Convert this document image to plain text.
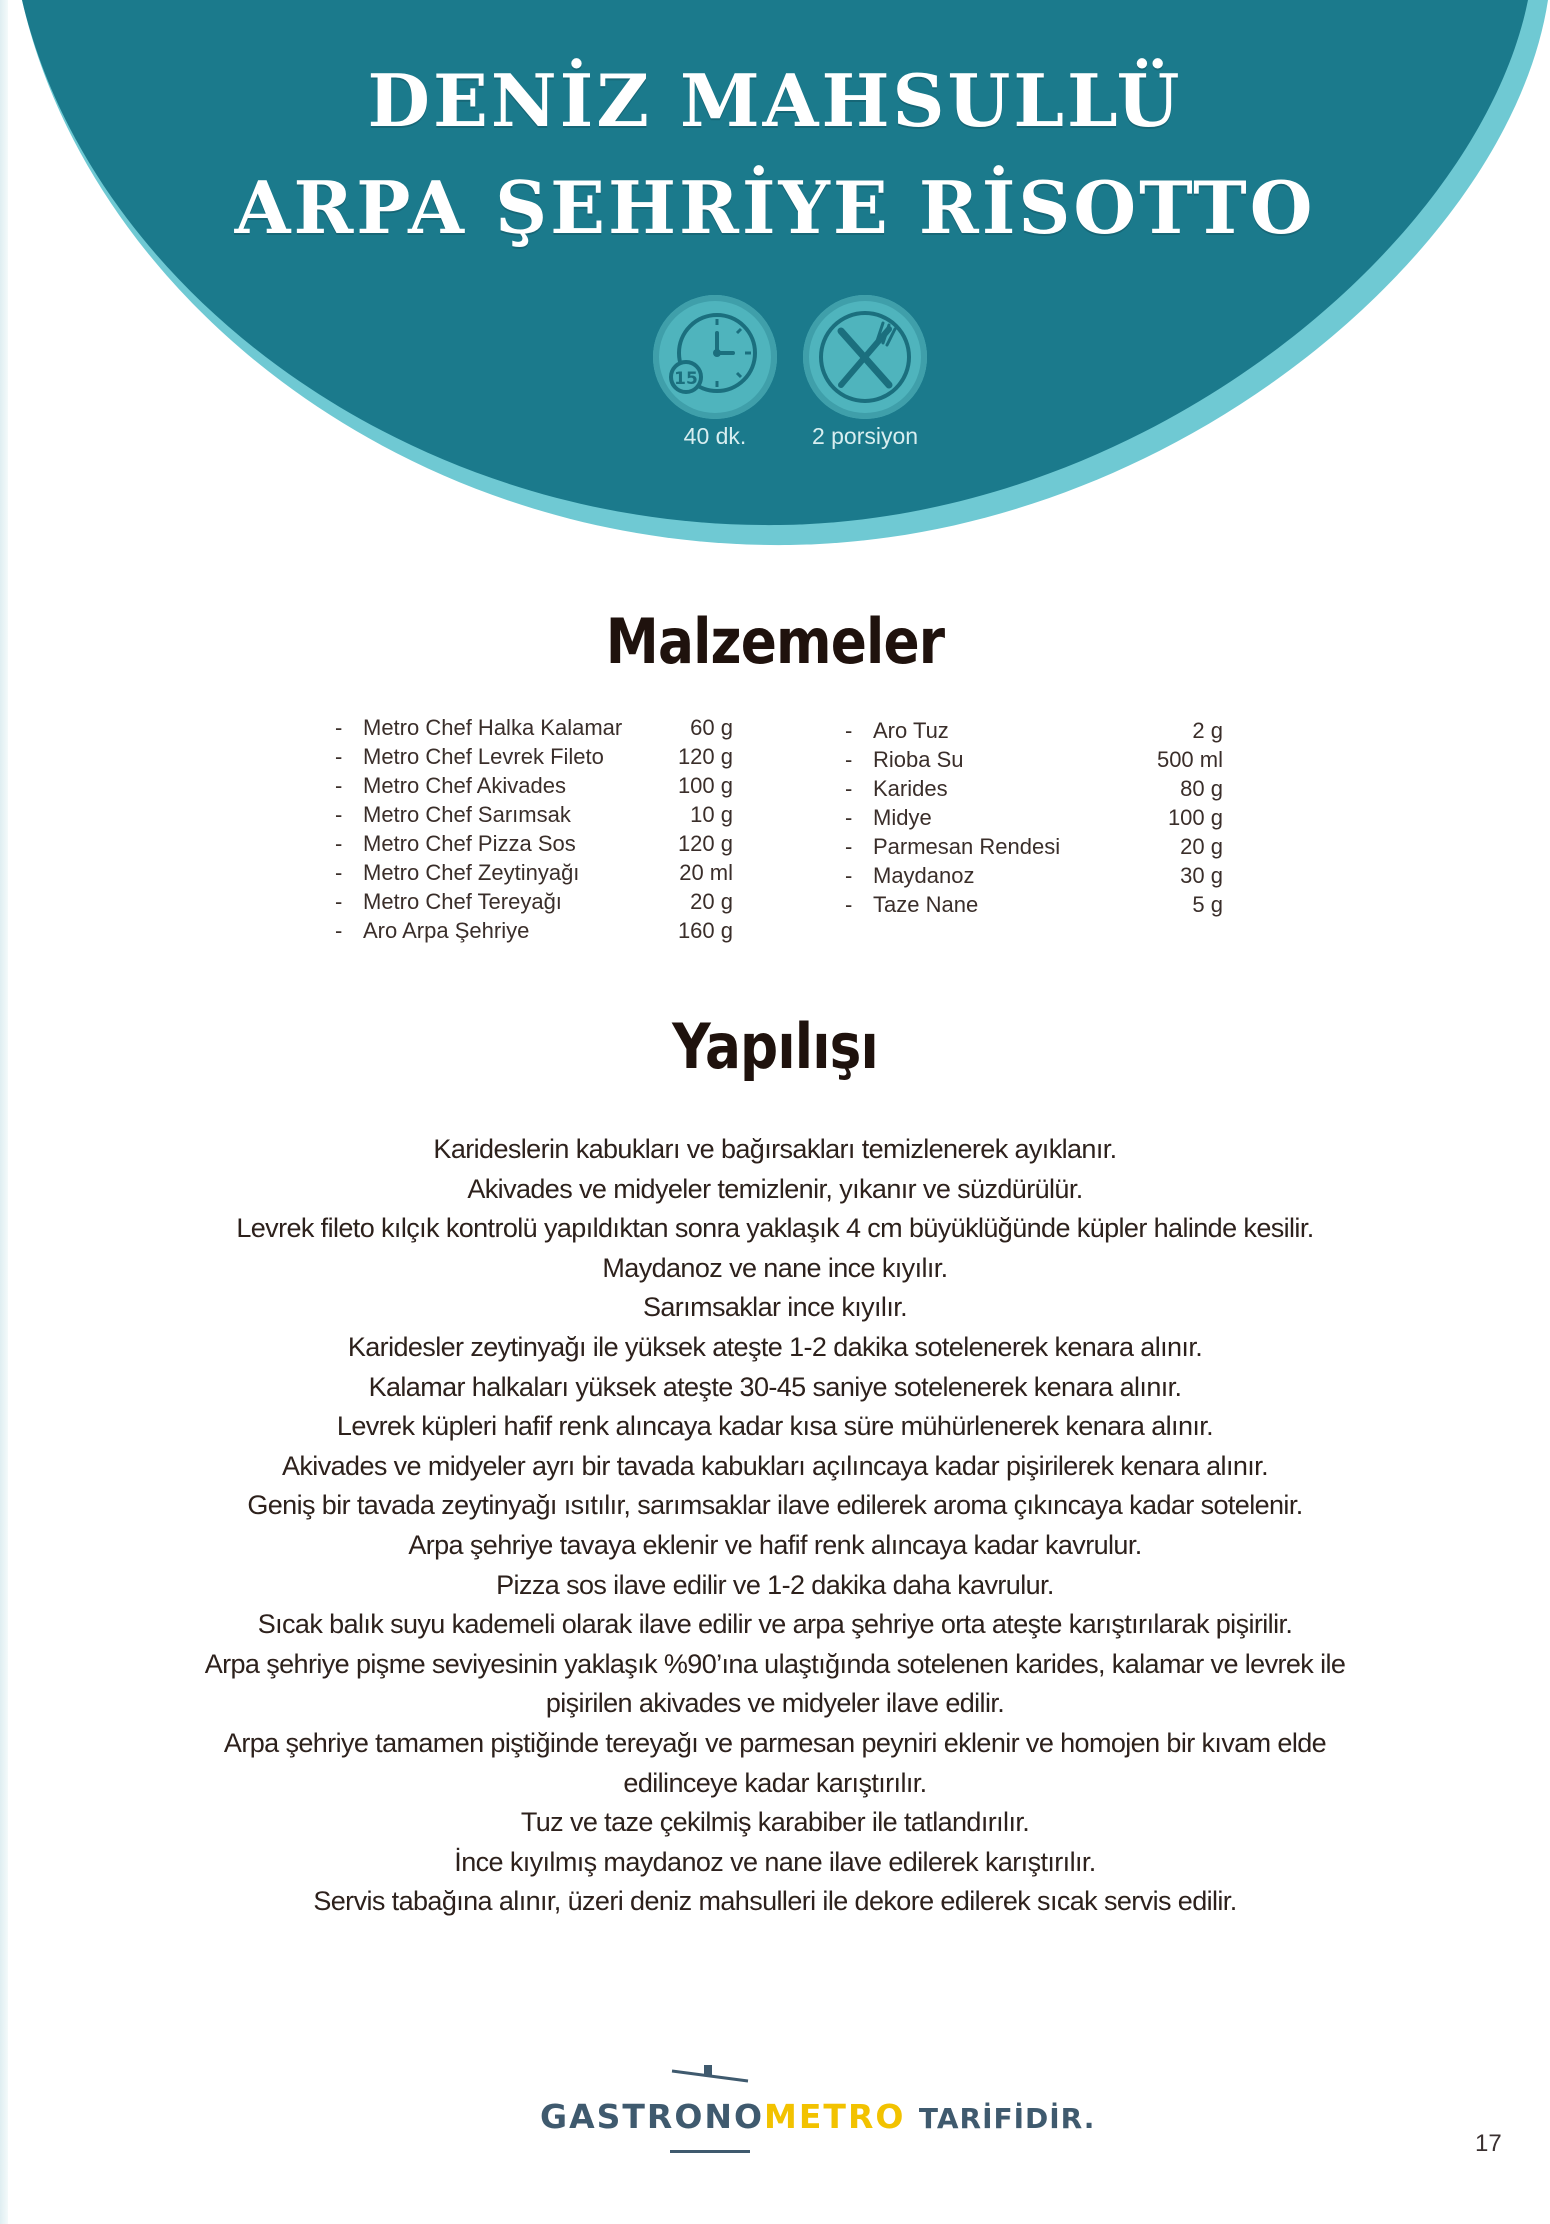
DENİZ MAHSULLÜ
ARPA ŞEHRİYE RİSOTTO
15
40 dk.	2 porsiyon
Malzemeler
- Metro Chef Halka Kalamar	60 g
- Metro Chef Levrek Fileto	120 g
- Metro Chef Akivades	100 g
- Metro Chef Sarımsak	10 g
- Metro Chef Pizza Sos	120 g
- Metro Chef Zeytinyağı	20 ml
- Metro Chef Tereyağı	20 g
- Aro Arpa Şehriye	160 g
- Aro Tuz	2 g
- Rioba Su	500 ml
- Karides	80 g
- Midye	100 g
- Parmesan Rendesi	20 g
- Maydanoz	30 g
- Taze Nane	5 g
Yapılışı

Karideslerin kabukları ve bağırsakları temizlenerek ayıklanır.

Akivades ve midyeler temizlenir, yıkanır ve süzdürülür.

Levrek fileto kılçık kontrolü yapıldıktan sonra yaklaşık 4 cm büyüklüğünde küpler halinde kesilir.

Maydanoz ve nane ince kıyılır.

Sarımsaklar ince kıyılır.

Karidesler zeytinyağı ile yüksek ateşte 1-2 dakika sotelenerek kenara alınır.

Kalamar halkaları yüksek ateşte 30-45 saniye sotelenerek kenara alınır.

Levrek küpleri hafif renk alıncaya kadar kısa süre mühürlenerek kenara alınır.

Akivades ve midyeler ayrı bir tavada kabukları açılıncaya kadar pişirilerek kenara alınır.

Geniş bir tavada zeytinyağı ısıtılır, sarımsaklar ilave edilerek aroma çıkıncaya kadar sotelenir.

Arpa şehriye tavaya eklenir ve hafif renk alıncaya kadar kavrulur.

Pizza sos ilave edilir ve 1-2 dakika daha kavrulur.

Sıcak balık suyu kademeli olarak ilave edilir ve arpa şehriye orta ateşte karıştırılarak pişirilir.

Arpa şehriye pişme seviyesinin yaklaşık %90’ına ulaştığında sotelenen karides, kalamar ve levrek ile

pişirilen akivades ve midyeler ilave edilir.

Arpa şehriye tamamen piştiğinde tereyağı ve parmesan peyniri eklenir ve homojen bir kıvam elde

edilinceye kadar karıştırılır.

Tuz ve taze çekilmiş karabiber ile tatlandırılır.

İnce kıyılmış maydanoz ve nane ilave edilerek karıştırılır.

Servis tabağına alınır, üzeri deniz mahsulleri ile dekore edilerek sıcak servis edilir.

GASTRONOMETRO TARİFİDİR.
17
